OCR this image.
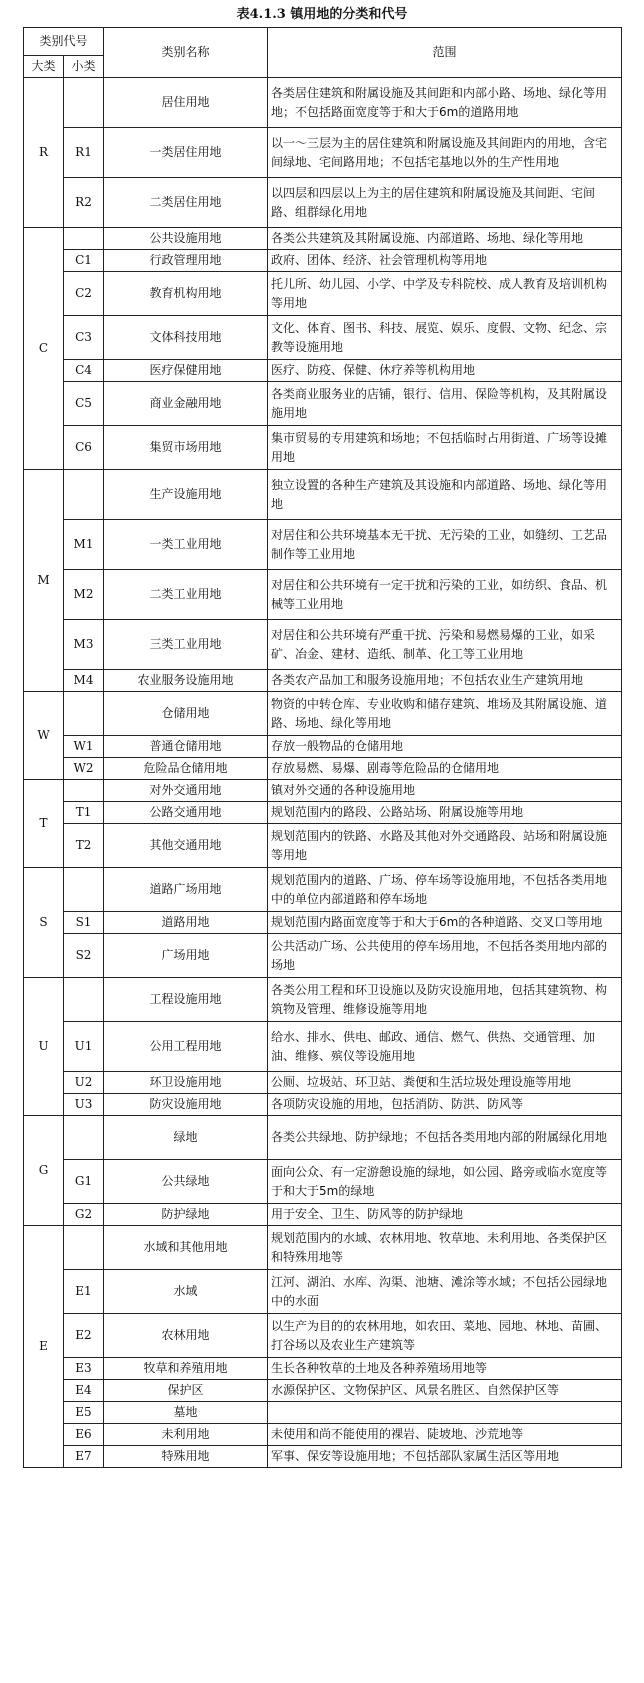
表4.1.3 镇用地的分类和代号
类别代号		类别名称	范围
大类	小类		
R		居住用地	各类居住建筑和附属设施及其间距和内部小路、场地、绿化等用地；不包括路面宽度等于和大于6m的道路用地
	R1	一类居住用地	以一～三层为主的居住建筑和附属设施及其间距内的用地，含宅间绿地、宅间路用地；不包括宅基地以外的生产性用地
	R2	二类居住用地	以四层和四层以上为主的居住建筑和附属设施及其间距、宅间路、组群绿化用地
C		公共设施用地	各类公共建筑及其附属设施、内部道路、场地、绿化等用地
	C1	行政管理用地	政府、团体、经济、社会管理机构等用地
	C2	教育机构用地	托儿所、幼儿园、小学、中学及专科院校、成人教育及培训机构等用地
	C3	文体科技用地	文化、体育、图书、科技、展览、娱乐、度假、文物、纪念、宗教等设施用地
	C4	医疗保健用地	医疗、防疫、保健、休疗养等机构用地
	C5	商业金融用地	各类商业服务业的店铺，银行、信用、保险等机构，及其附属设施用地
	C6	集贸市场用地	集市贸易的专用建筑和场地；不包括临时占用街道、广场等设摊用地
M		生产设施用地	独立设置的各种生产建筑及其设施和内部道路、场地、绿化等用地
	M1	一类工业用地	对居住和公共环境基本无干扰、无污染的工业，如缝纫、工艺品制作等工业用地
	M2	二类工业用地	对居住和公共环境有一定干扰和污染的工业，如纺织、食品、机械等工业用地
	M3	三类工业用地	对居住和公共环境有严重干扰、污染和易燃易爆的工业，如采矿、冶金、建材、造纸、制革、化工等工业用地
	M4	农业服务设施用地	各类农产品加工和服务设施用地；不包括农业生产建筑用地
W		仓储用地	物资的中转仓库、专业收购和储存建筑、堆场及其附属设施、道路、场地、绿化等用地
	W1	普通仓储用地	存放一般物品的仓储用地
	W2	危险品仓储用地	存放易燃、易爆、剧毒等危险品的仓储用地
T		对外交通用地	镇对外交通的各种设施用地
	T1	公路交通用地	规划范围内的路段、公路站场、附属设施等用地
	T2	其他交通用地	规划范围内的铁路、水路及其他对外交通路段、站场和附属设施等用地
S		道路广场用地	规划范围内的道路、广场、停车场等设施用地，不包括各类用地中的单位内部道路和停车场地
	S1	道路用地	规划范围内路面宽度等于和大于6m的各种道路、交叉口等用地
	S2	广场用地	公共活动广场、公共使用的停车场用地，不包括各类用地内部的场地
U		工程设施用地	各类公用工程和环卫设施以及防灾设施用地，包括其建筑物、构筑物及管理、维修设施等用地
	U1	公用工程用地	给水、排水、供电、邮政、通信、燃气、供热、交通管理、加油、维修、殡仪等设施用地
	U2	环卫设施用地	公厕、垃圾站、环卫站、粪便和生活垃圾处理设施等用地
	U3	防灾设施用地	各项防灾设施的用地，包括消防、防洪、防风等
G		绿地	各类公共绿地、防护绿地；不包括各类用地内部的附属绿化用地
	G1	公共绿地	面向公众、有一定游憩设施的绿地，如公园、路旁或临水宽度等于和大于5m的绿地
	G2	防护绿地	用于安全、卫生、防风等的防护绿地
E		水域和其他用地	规划范围内的水域、农林用地、牧草地、未利用地、各类保护区和特殊用地等
	E1	水域	江河、湖泊、水库、沟渠、池塘、滩涂等水域；不包括公园绿地中的水面
	E2	农林用地	以生产为目的的农林用地，如农田、菜地、园地、林地、苗圃、打谷场以及农业生产建筑等
	E3	牧草和养殖用地	生长各种牧草的土地及各种养殖场用地等
	E4	保护区	水源保护区、文物保护区、风景名胜区、自然保护区等
	E5	墓地	
	E6	未利用地	未使用和尚不能使用的裸岩、陡坡地、沙荒地等
	E7	特殊用地	军事、保安等设施用地；不包括部队家属生活区等用地
